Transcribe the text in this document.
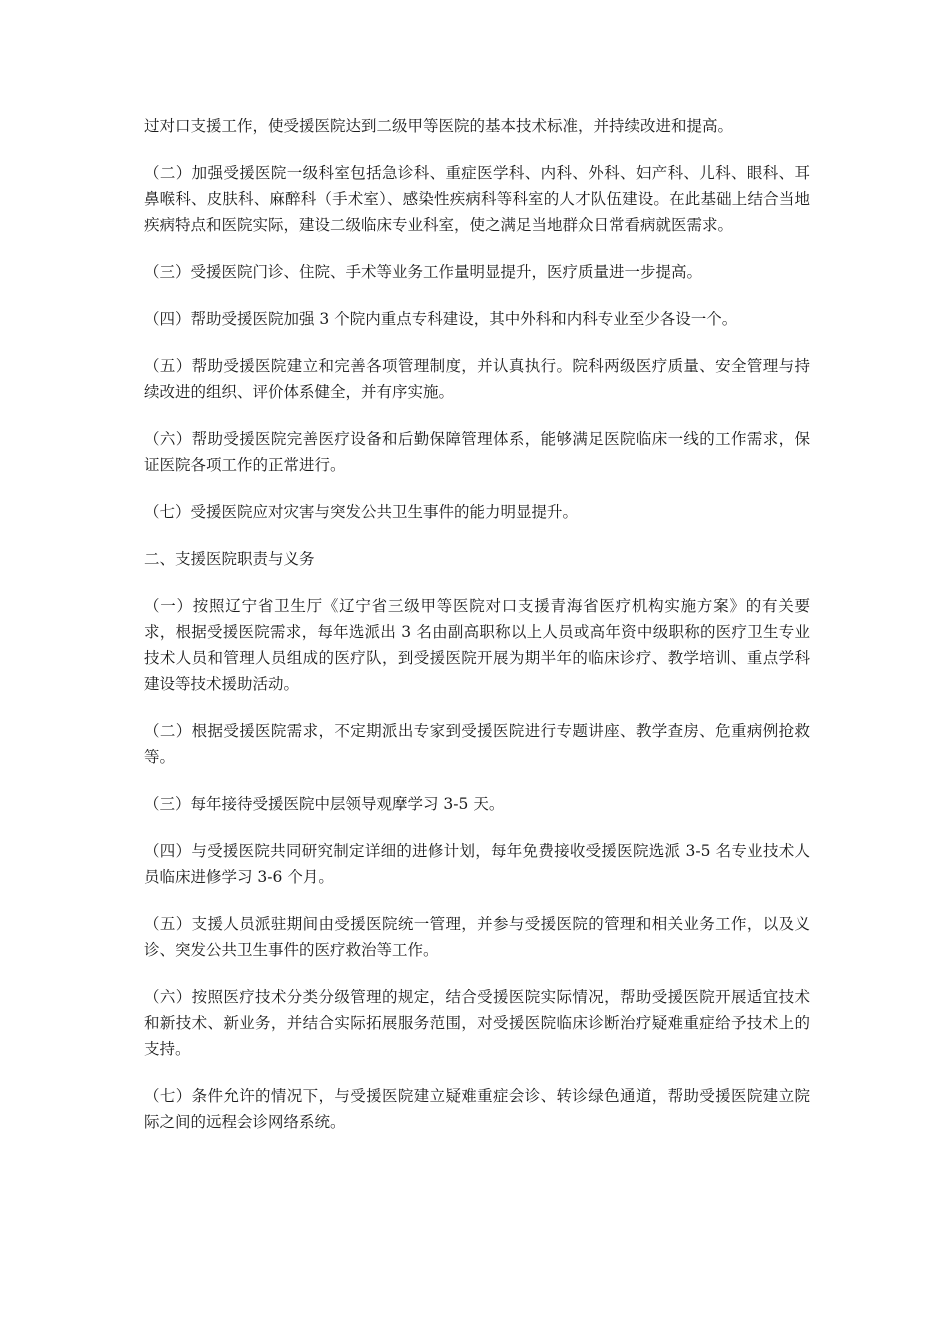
过对口支援工作，使受援医院达到二级甲等医院的基本技术标准，并持续改进和提高。

（二）加强受援医院一级科室包括急诊科、重症医学科、内科、外科、妇产科、儿科、眼科、耳鼻喉科、皮肤科、麻醉科（手术室）、感染性疾病科等科室的人才队伍建设。在此基础上结合当地疾病特点和医院实际，建设二级临床专业科室，使之满足当地群众日常看病就医需求。

（三）受援医院门诊、住院、手术等业务工作量明显提升，医疗质量进一步提高。

（四）帮助受援医院加强 3 个院内重点专科建设，其中外科和内科专业至少各设一个。

（五）帮助受援医院建立和完善各项管理制度，并认真执行。院科两级医疗质量、安全管理与持续改进的组织、评价体系健全，并有序实施。

（六）帮助受援医院完善医疗设备和后勤保障管理体系，能够满足医院临床一线的工作需求，保证医院各项工作的正常进行。

（七）受援医院应对灾害与突发公共卫生事件的能力明显提升。

二、支援医院职责与义务

（一）按照辽宁省卫生厅《辽宁省三级甲等医院对口支援青海省医疗机构实施方案》的有关要求，根据受援医院需求，每年选派出 3 名由副高职称以上人员或高年资中级职称的医疗卫生专业技术人员和管理人员组成的医疗队，到受援医院开展为期半年的临床诊疗、教学培训、重点学科建设等技术援助活动。

（二）根据受援医院需求，不定期派出专家到受援医院进行专题讲座、教学查房、危重病例抢救等。

（三）每年接待受援医院中层领导观摩学习 3-5 天。

（四）与受援医院共同研究制定详细的进修计划，每年免费接收受援医院选派 3-5 名专业技术人员临床进修学习 3-6 个月。

（五）支援人员派驻期间由受援医院统一管理，并参与受援医院的管理和相关业务工作，以及义诊、突发公共卫生事件的医疗救治等工作。

（六）按照医疗技术分类分级管理的规定，结合受援医院实际情况，帮助受援医院开展适宜技术和新技术、新业务，并结合实际拓展服务范围，对受援医院临床诊断治疗疑难重症给予技术上的支持。

（七）条件允许的情况下，与受援医院建立疑难重症会诊、转诊绿色通道，帮助受援医院建立院际之间的远程会诊网络系统。
